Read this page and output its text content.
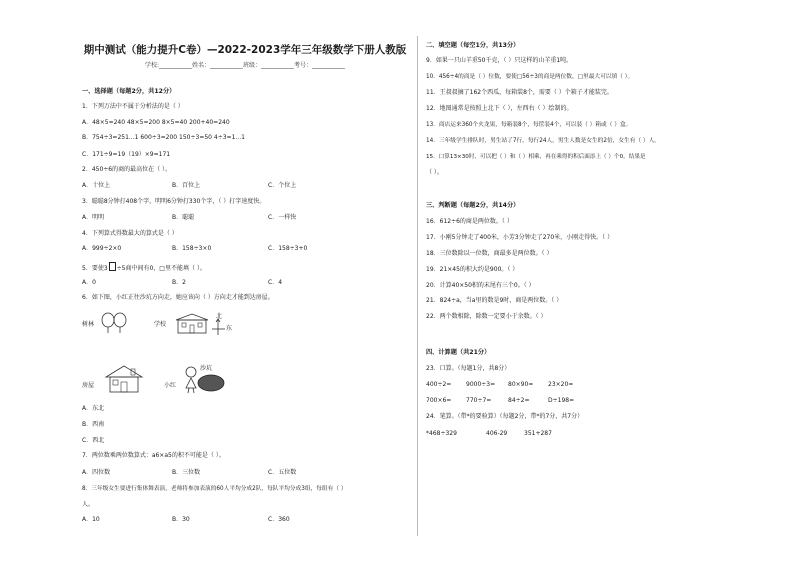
期中测试（能力提升C卷）—2022-2023学年三年级数学下册人教版
学校:___________姓名：___________班级：___________考号：___________
一、选择题（每题2分，共12分）
1．下列万法中不属于分析法的是（ ）
A．48×5=240 48×5=200 8×5=40 200+40=240
B．754÷3=251...1 600÷3=200 150÷3=50 4÷3=1...1
C．171÷9=19（19）×9=171
2．450÷6的商的最高位在（ ）。
A．十位上	B．百位上	C．个位上
3．聪聪8分钟打408个字，明明6分钟打330个字，（ ）打字速度快。
A．明明	B．聪聪	C．一样快
4．下列算式得数最大的算式是（ ）
A．999÷2×0	B．158÷3×0	C．158÷3+0
5．要使3 ÷5商中间有0，□里不能填（ ）。
A．0	B．2	C．4
6．如下图，小红正往沙坑方向走，她应该向（ ）方向走才能到达房屋。
树林	学校
北
东
房屋	小红
沙坑
A．东北
B．西南
C．西北
7．两位数乘两位数算式：a6×a5的积不可能是（ ）。
A．四位数	B．三位数	C．五位数
8．三年级女生要进行集体舞表演，老师将参加表演的60人平均分成2队，每队平均分成3组，每组有（ ）
人。
A．10	B．30	C．360
二、填空题（每空1分，共13分）
9．如果一只山羊重50千克，（ ）只这样的山羊重1吨。
10．456÷4的商是（ ）位数，要使□56÷3的商是两位数，□里最大可以填（ ）。
11．王叔叔摘了162个西瓜，每箱装8个，需要（ ）个箱子才能装完。
12．地图通常是按照上北下（ ），左西右（ ）绘制的。
13．商店运来360个火龙果，每箱装8个，每筐装4个，可以装（ ）箱或（ ）盒。
14．三年级学生排队时，男生站了7行，每行24人，男生人数是女生的2倍，女生有（ ）人。
15．口算13×30时，可以把（ ）和（ ）相乘，再在乘得的积后面添上（ ）个0，结果是
（ ）。
三、判断题（每题2分，共14分）
16．612÷6的商是两位数。（ ）
17．小刚5分钟走了400米，小芳3分钟走了270米，小刚走得快。（ ）
18．三位数除以一位数，商最多是两位数。（ ）
19．21×45的积大约是900。（ ）
20．计算40×50积的末尾有三个0。（ ）
21．824÷a，当a里的数是9时，商是两位数。（ ）
22．两个数相除，除数一定要小于余数。（ ）
四、计算题（共21分）
23．口算。（每题1分，共8分）
400÷2= 9000÷3= 80×90= 23×20=
700×6= 770÷7=	84÷2=	D÷198=
24．笔算。（带*的要验算）（每题2分，带*的7分，共7分）
*468÷329	406-29	351+287
